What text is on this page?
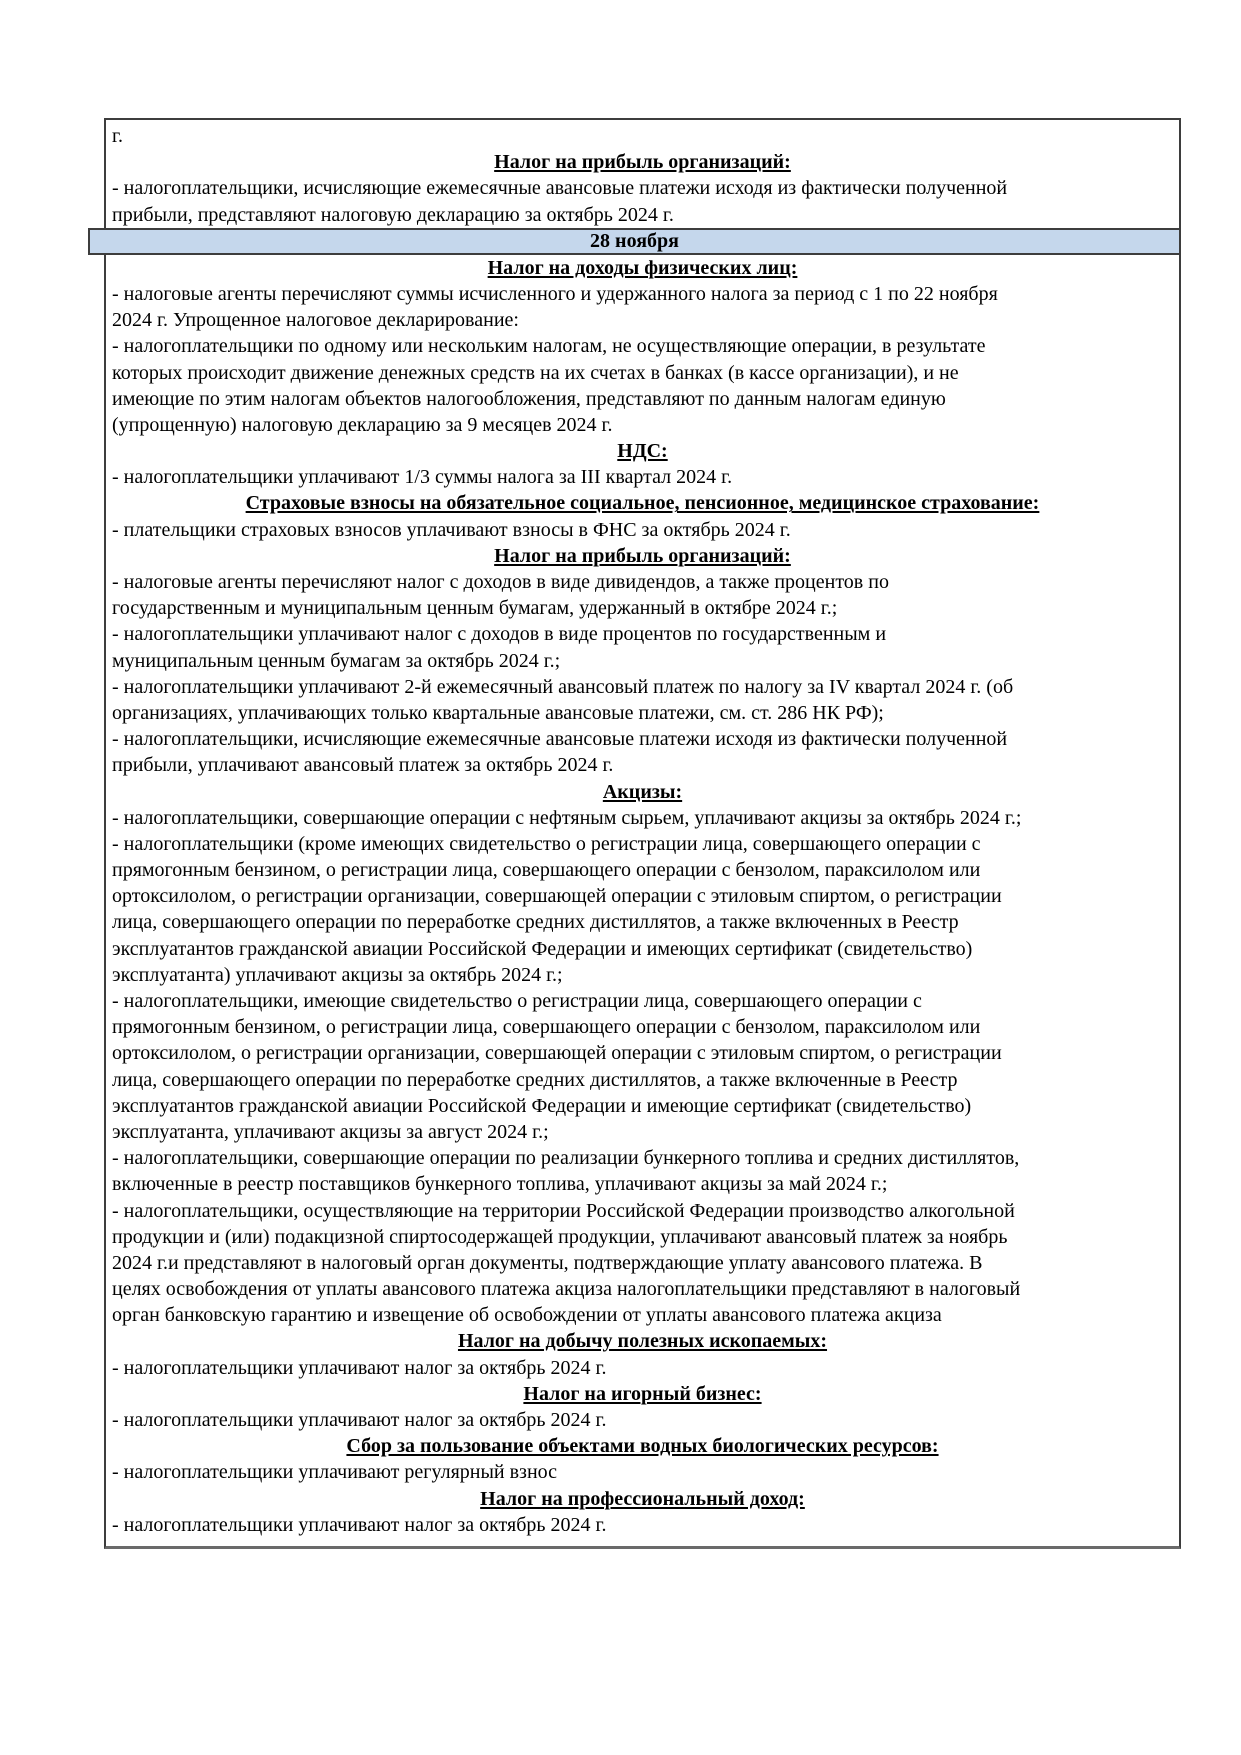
г.
Налог на прибыль организаций:
- налогоплательщики, исчисляющие ежемесячные авансовые платежи исходя из фактически полученной
прибыли, представляют налоговую декларацию за октябрь 2024 г.
28 ноября
Налог на доходы физических лиц:
- налоговые агенты перечисляют суммы исчисленного и удержанного налога за период с 1 по 22 ноября
2024 г. Упрощенное налоговое декларирование:
- налогоплательщики по одному или нескольким налогам, не осуществляющие операции, в результате
которых происходит движение денежных средств на их счетах в банках (в кассе организации), и не
имеющие по этим налогам объектов налогообложения, представляют по данным налогам единую
(упрощенную) налоговую декларацию за 9 месяцев 2024 г.
НДС:
- налогоплательщики уплачивают 1/3 суммы налога за III квартал 2024 г.
Страховые взносы на обязательное социальное, пенсионное, медицинское страхование:
- плательщики страховых взносов уплачивают взносы в ФНС за октябрь 2024 г.
Налог на прибыль организаций:
- налоговые агенты перечисляют налог с доходов в виде дивидендов, а также процентов по
государственным и муниципальным ценным бумагам, удержанный в октябре 2024 г.;
- налогоплательщики уплачивают налог с доходов в виде процентов по государственным и
муниципальным ценным бумагам за октябрь 2024 г.;
- налогоплательщики уплачивают 2-й ежемесячный авансовый платеж по налогу за IV квартал 2024 г. (об
организациях, уплачивающих только квартальные авансовые платежи, см. ст. 286 НК РФ);
- налогоплательщики, исчисляющие ежемесячные авансовые платежи исходя из фактически полученной
прибыли, уплачивают авансовый платеж за октябрь 2024 г.
Акцизы:
- налогоплательщики, совершающие операции с нефтяным сырьем, уплачивают акцизы за октябрь 2024 г.;
- налогоплательщики (кроме имеющих свидетельство о регистрации лица, совершающего операции с
прямогонным бензином, о регистрации лица, совершающего операции с бензолом, параксилолом или
ортоксилолом, о регистрации организации, совершающей операции с этиловым спиртом, о регистрации
лица, совершающего операции по переработке средних дистиллятов, а также включенных в Реестр
эксплуатантов гражданской авиации Российской Федерации и имеющих сертификат (свидетельство)
эксплуатанта) уплачивают акцизы за октябрь 2024 г.;
- налогоплательщики, имеющие свидетельство о регистрации лица, совершающего операции с
прямогонным бензином, о регистрации лица, совершающего операции с бензолом, параксилолом или
ортоксилолом, о регистрации организации, совершающей операции с этиловым спиртом, о регистрации
лица, совершающего операции по переработке средних дистиллятов, а также включенные в Реестр
эксплуатантов гражданской авиации Российской Федерации и имеющие сертификат (свидетельство)
эксплуатанта, уплачивают акцизы за август 2024 г.;
- налогоплательщики, совершающие операции по реализации бункерного топлива и средних дистиллятов,
включенные в реестр поставщиков бункерного топлива, уплачивают акцизы за май 2024 г.;
- налогоплательщики, осуществляющие на территории Российской Федерации производство алкогольной
продукции и (или) подакцизной спиртосодержащей продукции, уплачивают авансовый платеж за ноябрь
2024 г.и представляют в налоговый орган документы, подтверждающие уплату авансового платежа. В
целях освобождения от уплаты авансового платежа акциза налогоплательщики представляют в налоговый
орган банковскую гарантию и извещение об освобождении от уплаты авансового платежа акциза
Налог на добычу полезных ископаемых:
- налогоплательщики уплачивают налог за октябрь 2024 г.
Налог на игорный бизнес:
- налогоплательщики уплачивают налог за октябрь 2024 г.
Сбор за пользование объектами водных биологических ресурсов:
- налогоплательщики уплачивают регулярный взнос
Налог на профессиональный доход:
- налогоплательщики уплачивают налог за октябрь 2024 г.
